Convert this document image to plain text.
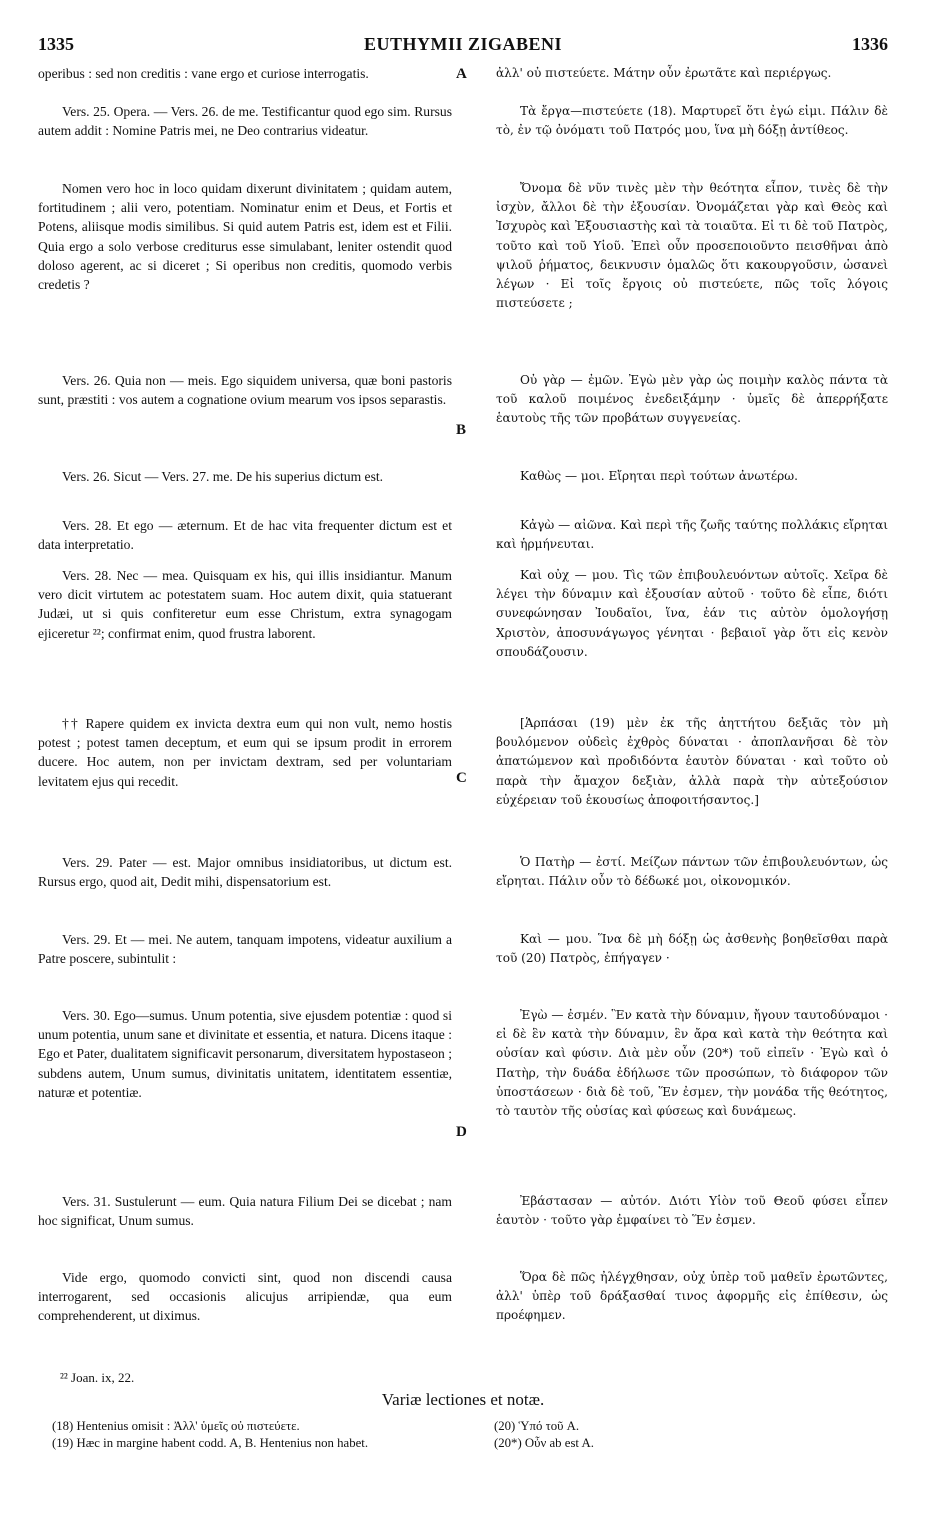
1335	EUTHYMII ZIGABENI	1336
operibus : sed non creditis : vane ergo et curiose interrogatis.
Vers. 25. Opera. — Vers. 26. de me. Testificantur quod ego sim. Rursus autem addit : Nomine Patris mei, ne Deo contrarius videatur.
Nomen vero hoc in loco quidam dixerunt divinitatem ; quidam autem, fortitudinem ; alii vero, potentiam. Nominatur enim et Deus, et Fortis et Potens, aliisque modis similibus. Si quid autem Patris est, idem est et Filii. Quia ergo a solo verbose crediturus esse simulabant, leniter ostendit quod doloso agerent, ac si diceret ; Si operibus non creditis, quomodo verbis credetis ?
Vers. 26. Quia non — meis. Ego siquidem universa, quæ boni pastoris sunt, præstiti : vos autem a cognatione ovium mearum vos ipsos separastis.
Vers. 26. Sicut — Vers. 27. me. De his superius dictum est.
Vers. 28. Et ego — æternum. Et de hac vita frequenter dictum est et data interpretatio.
Vers. 28. Nec — mea. Quisquam ex his, qui illis insidiantur. Manum vero dicit virtutem ac potestatem suam. Hoc autem dixit, quia statuerant Judæi, ut si quis confiteretur eum esse Christum, extra synagogam ejiceretur ²²; confirmat enim, quod frustra laborent.
†† Rapere quidem ex invicta dextra eum qui non vult, nemo hostis potest ; potest tamen deceptum, et eum qui se ipsum prodit in errorem ducere. Hoc autem, non per invictam dextram, sed per voluntariam levitatem ejus qui recedit.
Vers. 29. Pater — est. Major omnibus insidiatoribus, ut dictum est. Rursus ergo, quod ait, Dedit mihi, dispensatorium est.
Vers. 29. Et — mei. Ne autem, tanquam impotens, videatur auxilium a Patre poscere, subintulit :
Vers. 30. Ego—sumus. Unum potentia, sive ejusdem potentiæ : quod si unum potentia, unum sane et divinitate et essentia, et natura. Dicens itaque : Ego et Pater, dualitatem significavit personarum, diversitatem hypostaseon ; subdens autem, Unum sumus, divinitatis unitatem, identitatem essentiæ, naturæ et potentiæ.
Vers. 31. Sustulerunt — eum. Quia natura Filium Dei se dicebat ; nam hoc significat, Unum sumus.
Vide ergo, quomodo convicti sint, quod non discendi causa interrogarent, sed occasionis alicujus arripiendæ, qua eum comprehenderent, ut diximus.
A
B
C
D
ἀλλ' οὐ πιστεύετε. Μάτην οὖν ἐρωτᾶτε καὶ περιέργως.
Τὰ ἔργα—πιστεύετε (18). Μαρτυρεῖ ὅτι ἐγώ εἰμι. Πάλιν δὲ τὸ, ἐν τῷ ὀνόματι τοῦ Πατρός μου, ἵνα μὴ δόξῃ ἀντίθεος.
Ὄνομα δὲ νῦν τινὲς μὲν τὴν θεότητα εἶπον, τινὲς δὲ τὴν ἰσχὺν, ἄλλοι δὲ τὴν ἐξουσίαν. Ὀνομάζεται γὰρ καὶ Θεὸς καὶ Ἰσχυρὸς καὶ Ἐξουσιαστὴς καὶ τὰ τοιαῦτα. Εἰ τι δὲ τοῦ Πατρὸς, τοῦτο καὶ τοῦ Υἱοῦ. Ἐπεὶ οὖν προσεποιοῦντο πεισθῆναι ἀπὸ ψιλοῦ ῥήματος, δεικνυσιν ὁμαλῶς ὅτι κακουργοῦσιν, ὡσανεὶ λέγων · Εἰ τοῖς ἔργοις οὐ πιστεύετε, πῶς τοῖς λόγοις πιστεύσετε ;
Οὐ γὰρ — ἐμῶν. Ἐγὼ μὲν γὰρ ὡς ποιμὴν καλὸς πάντα τὰ τοῦ καλοῦ ποιμένος ἐνεδειξάμην · ὑμεῖς δὲ ἀπερρήξατε ἑαυτοὺς τῆς τῶν προβάτων συγγενείας.
Καθὼς — μοι. Εἴρηται περὶ τούτων ἀνωτέρω.
Κἀγὼ — αἰῶνα. Καὶ περὶ τῆς ζωῆς ταύτης πολλάκις εἴρηται καὶ ἡρμήνευται.
Καὶ οὐχ — μου. Τὶς τῶν ἐπιβουλευόντων αὐτοῖς. Χεῖρα δὲ λέγει τὴν δύναμιν καὶ ἐξουσίαν αὐτοῦ · τοῦτο δὲ εἶπε, διότι συνεφώνησαν Ἰουδαῖοι, ἵνα, ἐάν τις αὐτὸν ὁμολογήσῃ Χριστὸν, ἀποσυνάγωγος γένηται · βεβαιοῖ γὰρ ὅτι εἰς κενὸν σπουδάζουσιν.
[Ἁρπάσαι (19) μὲν ἐκ τῆς ἀηττήτου δεξιᾶς τὸν μὴ βουλόμενον οὐδεὶς ἐχθρὸς δύναται · ἀποπλανῆσαι δὲ τὸν ἀπατώμενον καὶ προδιδόντα ἑαυτὸν δύναται · καὶ τοῦτο οὐ παρὰ τὴν ἄμαχον δεξιὰν, ἀλλὰ παρὰ τὴν αὐτεξούσιον εὐχέρειαν τοῦ ἑκουσίως ἀποφοιτήσαντος.]
Ὁ Πατὴρ — ἐστί. Μείζων πάντων τῶν ἐπιβουλευόντων, ὡς εἴρηται. Πάλιν οὖν τὸ δέδωκέ μοι, οἰκονομικόν.
Καὶ — μου. Ἵνα δὲ μὴ δόξῃ ὡς ἀσθενὴς βοηθεῖσθαι παρὰ τοῦ (20) Πατρὸς, ἐπήγαγεν ·
Ἐγὼ — ἐσμέν. Ἓν κατὰ τὴν δύναμιν, ἤγουν ταυτοδύναμοι · εἰ δὲ ἓν κατὰ τὴν δύναμιν, ἓν ἄρα καὶ κατὰ τὴν θεότητα καὶ οὐσίαν καὶ φύσιν. Διὰ μὲν οὖν (20*) τοῦ εἰπεῖν · Ἐγὼ καὶ ὁ Πατὴρ, τὴν δυάδα ἐδήλωσε τῶν προσώπων, τὸ διάφορον τῶν ὑποστάσεων · διὰ δὲ τοῦ, Ἕν ἐσμεν, τὴν μονάδα τῆς θεότητος, τὸ ταυτὸν τῆς οὐσίας καὶ φύσεως καὶ δυνάμεως.
Ἐβάστασαν — αὐτόν. Διότι Υἱὸν τοῦ Θεοῦ φύσει εἶπεν ἑαυτὸν · τοῦτο γὰρ ἐμφαίνει τὸ Ἕν ἐσμεν.
Ὅρα δὲ πῶς ἠλέγχθησαν, οὐχ ὑπὲρ τοῦ μαθεῖν ἐρωτῶντες, ἀλλ' ὑπὲρ τοῦ δράξασθαί τινος ἀφορμῆς εἰς ἐπίθεσιν, ὡς προέφημεν.
²² Joan. ix, 22.
Variæ lectiones et notæ.
(18) Hentenius omisit : Ἀλλ' ὑμεῖς οὐ πιστεύετε.
(19) Hæc in margine habent codd. A, B. Hentenius non habet.
(20) Ὑπό τοῦ A.
(20*) Οὖν ab est A.
